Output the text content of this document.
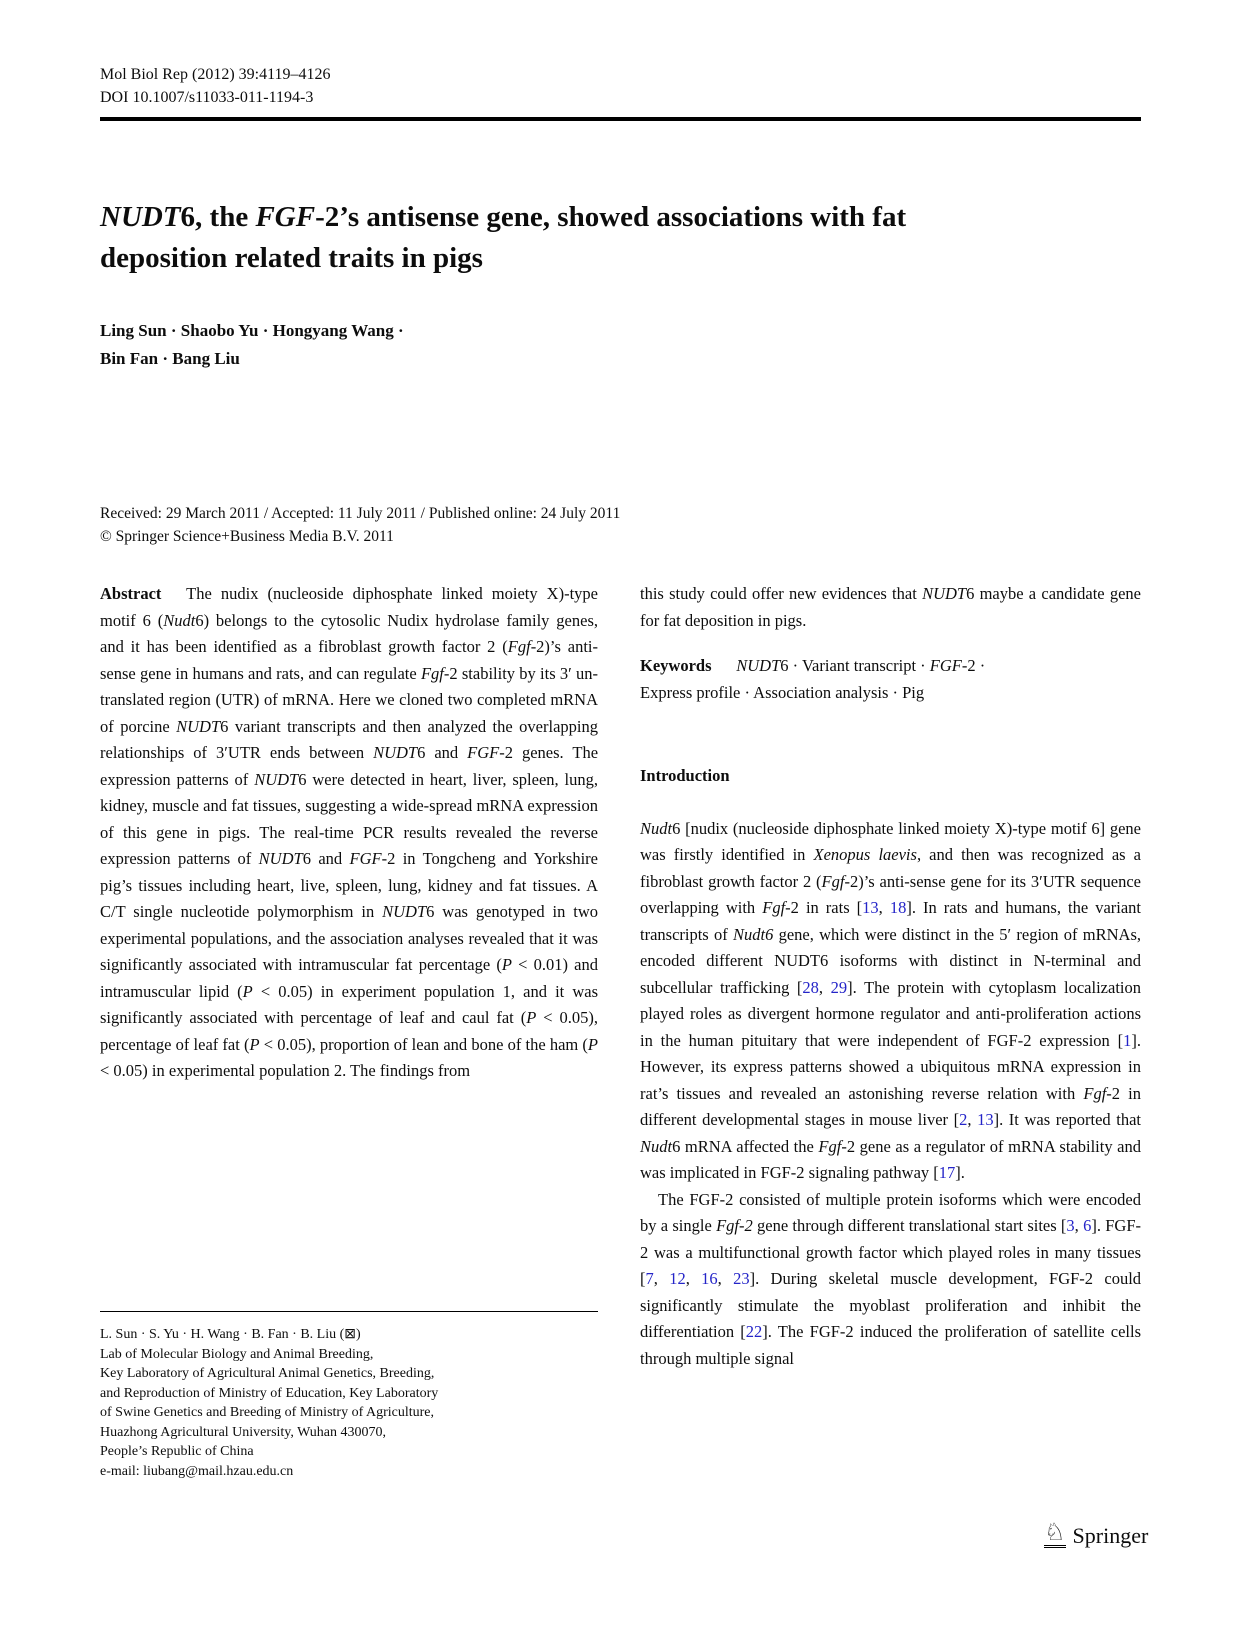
Mol Biol Rep (2012) 39:4119–4126
DOI 10.1007/s11033-011-1194-3
NUDT6, the FGF-2’s antisense gene, showed associations with fat
deposition related traits in pigs
Ling Sun · Shaobo Yu · Hongyang Wang ·
Bin Fan · Bang Liu
Received: 29 March 2011 / Accepted: 11 July 2011 / Published online: 24 July 2011
© Springer Science+Business Media B.V. 2011

Abstract  The nudix (nucleoside diphosphate linked moiety X)-type motif 6 (Nudt6) belongs to the cytosolic Nudix hydrolase family genes, and it has been identified as a fibroblast growth factor 2 (Fgf-2)’s anti-sense gene in humans and rats, and can regulate Fgf-2 stability by its 3′ un-translated region (UTR) of mRNA. Here we cloned two completed mRNA of porcine NUDT6 variant transcripts and then analyzed the overlapping relationships of 3′UTR ends between NUDT6 and FGF-2 genes. The expression patterns of NUDT6 were detected in heart, liver, spleen, lung, kidney, muscle and fat tissues, suggesting a wide-spread mRNA expression of this gene in pigs. The real-time PCR results revealed the reverse expression patterns of NUDT6 and FGF-2 in Tongcheng and Yorkshire pig’s tissues including heart, live, spleen, lung, kidney and fat tissues. A C/T single nucleotide polymorphism in NUDT6 was genotyped in two experimental populations, and the association analyses revealed that it was significantly associated with intramuscular fat percentage (P < 0.01) and intramuscular lipid (P < 0.05) in experiment population 1, and it was significantly associated with percentage of leaf and caul fat (P < 0.05), percentage of leaf fat (P < 0.05), proportion of lean and bone of the ham (P < 0.05) in experimental population 2. The findings from

this study could offer new evidences that NUDT6 maybe a candidate gene for fat deposition in pigs.

Keywords   NUDT6 · Variant transcript · FGF-2 ·
Express profile · Association analysis · Pig
Introduction

Nudt6 [nudix (nucleoside diphosphate linked moiety X)-type motif 6] gene was firstly identified in Xenopus laevis, and then was recognized as a fibroblast growth factor 2 (Fgf-2)’s anti-sense gene for its 3′UTR sequence overlapping with Fgf-2 in rats [13, 18]. In rats and humans, the variant transcripts of Nudt6 gene, which were distinct in the 5′ region of mRNAs, encoded different NUDT6 isoforms with distinct in N-terminal and subcellular trafficking [28, 29]. The protein with cytoplasm localization played roles as divergent hormone regulator and anti-proliferation actions in the human pituitary that were independent of FGF-2 expression [1]. However, its express patterns showed a ubiquitous mRNA expression in rat’s tissues and revealed an astonishing reverse relation with Fgf-2 in different developmental stages in mouse liver [2, 13]. It was reported that Nudt6 mRNA affected the Fgf-2 gene as a regulator of mRNA stability and was implicated in FGF-2 signaling pathway [17].

The FGF-2 consisted of multiple protein isoforms which were encoded by a single Fgf-2 gene through different translational start sites [3, 6]. FGF-2 was a multifunctional growth factor which played roles in many tissues [7, 12, 16, 23]. During skeletal muscle development, FGF-2 could significantly stimulate the myoblast proliferation and inhibit the differentiation [22]. The FGF-2 induced the proliferation of satellite cells through multiple signal

L. Sun · S. Yu · H. Wang · B. Fan · B. Liu (⊠)
Lab of Molecular Biology and Animal Breeding,
Key Laboratory of Agricultural Animal Genetics, Breeding,
and Reproduction of Ministry of Education, Key Laboratory
of Swine Genetics and Breeding of Ministry of Agriculture,
Huazhong Agricultural University, Wuhan 430070,
People’s Republic of China
e-mail: liubang@mail.hzau.edu.cn
♘ Springer
